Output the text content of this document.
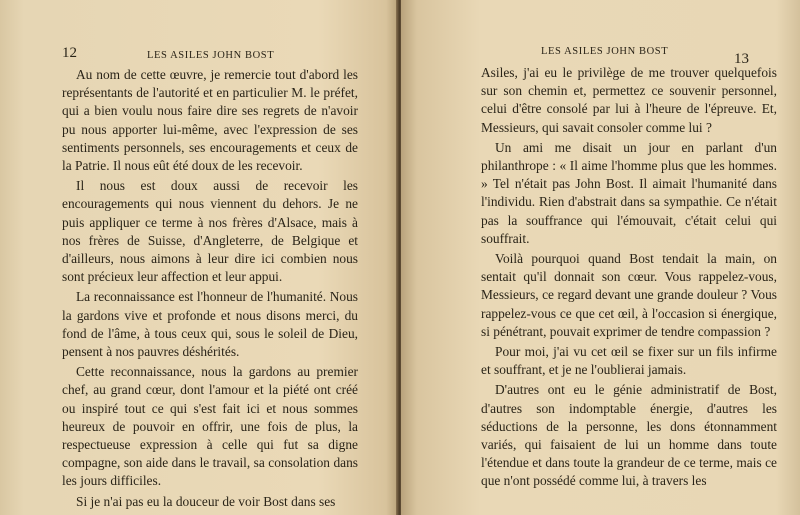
12	LES ASILES JOHN BOST

Au nom de cette œuvre, je remercie tout d'abord les représentants de l'autorité et en particulier M. le préfet, qui a bien voulu nous faire dire ses regrets de n'avoir pu nous apporter lui-même, avec l'expression de ses sentiments personnels, ses encouragements et ceux de la Patrie. Il nous eût été doux de les recevoir.

Il nous est doux aussi de recevoir les encouragements qui nous viennent du dehors. Je ne puis appliquer ce terme à nos frères d'Alsace, mais à nos frères de Suisse, d'Angleterre, de Belgique et d'ailleurs, nous aimons à leur dire ici combien nous sont précieux leur affection et leur appui.

La reconnaissance est l'honneur de l'humanité. Nous la gardons vive et profonde et nous disons merci, du fond de l'âme, à tous ceux qui, sous le soleil de Dieu, pensent à nos pauvres déshérités.

Cette reconnaissance, nous la gardons au premier chef, au grand cœur, dont l'amour et la piété ont créé ou inspiré tout ce qui s'est fait ici et nous sommes heureux de pouvoir en offrir, une fois de plus, la respectueuse expression à celle qui fut sa digne compagne, son aide dans le travail, sa consolation dans les jours difficiles.

Si je n'ai pas eu la douceur de voir Bost dans ses

LES ASILES JOHN BOST	13

Asiles, j'ai eu le privilège de me trouver quelquefois sur son chemin et, permettez ce souvenir personnel, celui d'être consolé par lui à l'heure de l'épreuve. Et, Messieurs, qui savait consoler comme lui ?

Un ami me disait un jour en parlant d'un philanthrope : « Il aime l'homme plus que les hommes. » Tel n'était pas John Bost. Il aimait l'humanité dans l'individu. Rien d'abstrait dans sa sympathie. Ce n'était pas la souffrance qui l'émouvait, c'était celui qui souffrait.

Voilà pourquoi quand Bost tendait la main, on sentait qu'il donnait son cœur. Vous rappelez-vous, Messieurs, ce regard devant une grande douleur ? Vous rappelez-vous ce que cet œil, à l'occasion si énergique, si pénétrant, pouvait exprimer de tendre compassion ?

Pour moi, j'ai vu cet œil se fixer sur un fils infirme et souffrant, et je ne l'oublierai jamais.

D'autres ont eu le génie administratif de Bost, d'autres son indomptable énergie, d'autres les séductions de la personne, les dons étonnamment variés, qui faisaient de lui un homme dans toute l'étendue et dans toute la grandeur de ce terme, mais ce que n'ont possédé comme lui, à travers les
